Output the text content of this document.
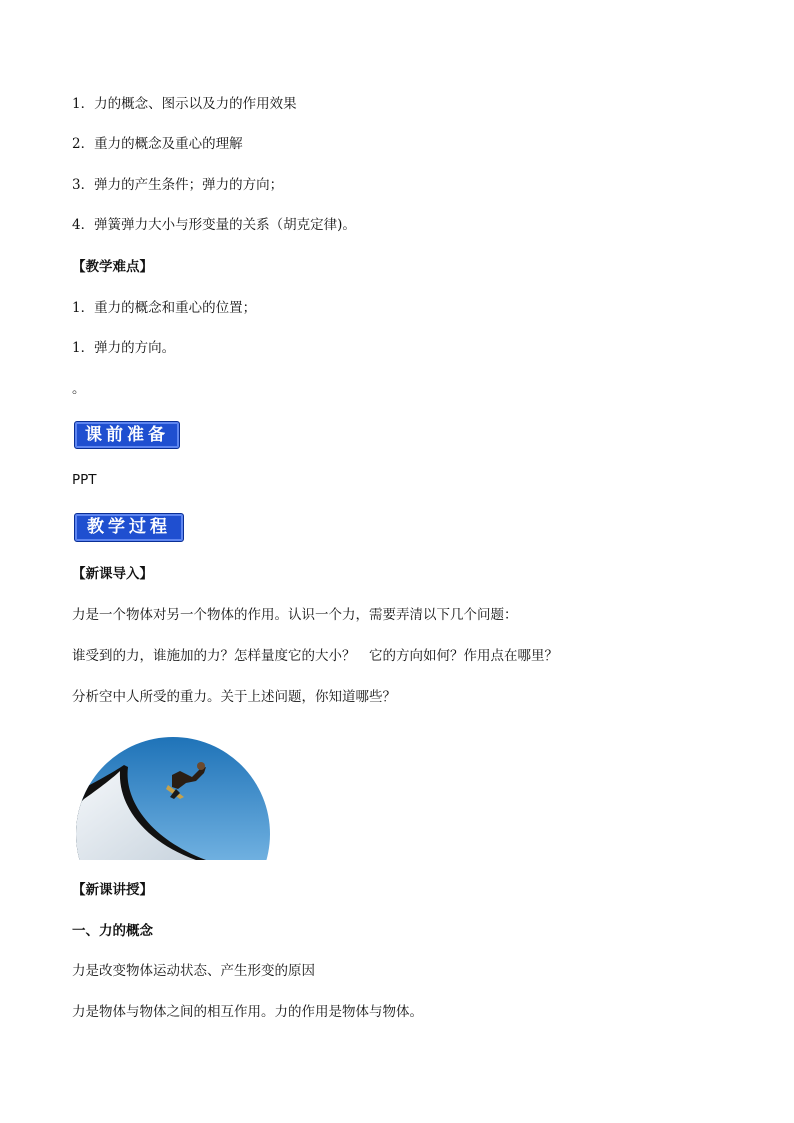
1．力的概念、图示以及力的作用效果
2．重力的概念及重心的理解
3．弹力的产生条件；弹力的方向；
4．弹簧弹力大小与形变量的关系（胡克定律)。
【教学难点】
1．重力的概念和重心的位置；
1．弹力的方向。
。
课前准备
PPT
教学过程
【新课导入】
力是一个物体对另一个物体的作用。认识一个力，需要弄清以下几个问题：
谁受到的力，谁施加的力？怎样量度它的大小？　它的方向如何？作用点在哪里？
分析空中人所受的重力。关于上述问题，你知道哪些？
【新课讲授】
一、力的概念
力是改变物体运动状态、产生形变的原因
力是物体与物体之间的相互作用。力的作用是物体与物体。
